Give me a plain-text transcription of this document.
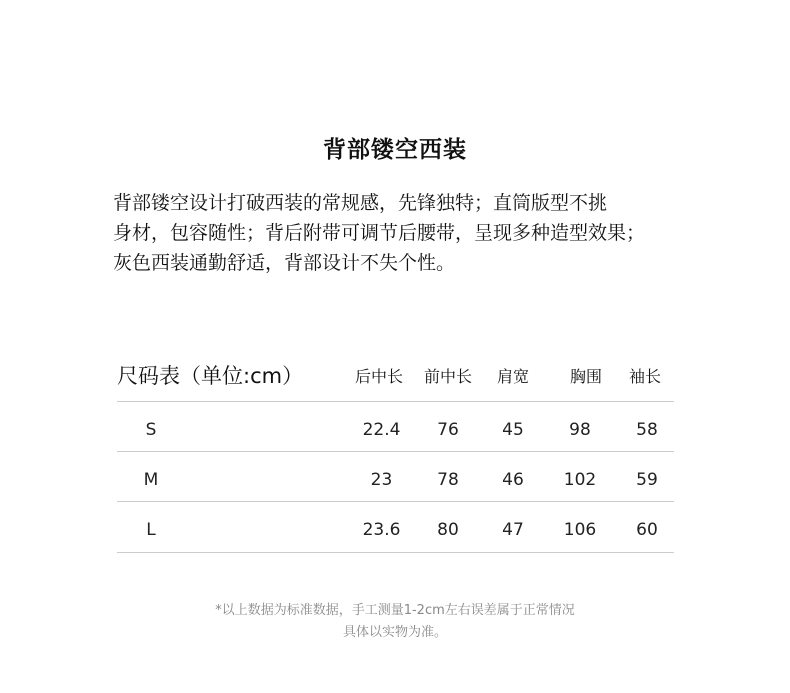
背部镂空西装
背部镂空设计打破西装的常规感，先锋独特；直筒版型不挑
身材，包容随性；背后附带可调节后腰带，呈现多种造型效果；
灰色西装通勤舒适，背部设计不失个性。
尺码表（单位:cm）	后中长	前中长	肩宽	胸围	袖长
S	22.4	76	45	98	58
M	23	78	46	102	59
L	23.6	80	47	106	60
*以上数据为标准数据，手工测量1-2cm左右误差属于正常情况
具体以实物为准。
